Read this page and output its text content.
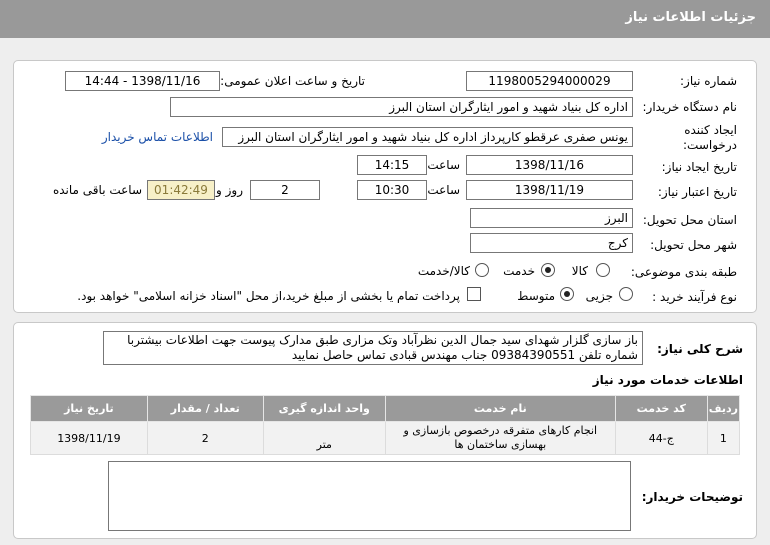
جزئیات اطلاعات نیاز
شماره نیاز:
1198005294000029
تاریخ و ساعت اعلان عمومی:
1398/11/16 - 14:44
نام دستگاه خریدار:
اداره کل بنیاد شهید و امور ایثارگران استان البرز
ایجاد کننده درخواست:
یونس صفری عرقطو کارپرداز اداره کل بنیاد شهید و امور ایثارگران استان البرز
اطلاعات تماس خریدار
تاریخ ایجاد نیاز:
1398/11/16
ساعت
14:15
تاریخ اعتبار نیاز:
1398/11/19
ساعت
10:30
2
روز و
01:42:49
ساعت باقی مانده
استان محل تحویل:
البرز
شهر محل تحویل:
کرج
طبقه بندی موضوعی:
کالا
خدمت
کالا/خدمت
نوع فرآیند خرید :
جزیی
متوسط
پرداخت تمام یا بخشی از مبلغ خرید،از محل "اسناد خزانه اسلامی" خواهد بود.
شرح کلی نیاز:
باز سازی گلزار شهدای سید جمال الدین نظرآباد وتک مزاری طبق مدارک پیوست جهت اطلاعات بیشتربا شماره تلفن 09384390551 جناب مهندس قبادی تماس حاصل نمایید
اطلاعات خدمات مورد نیاز
ردیف	کد خدمت	نام خدمت	واحد اندازه گیری	تعداد / مقدار	تاریخ نیاز
1	ج-44	انجام کارهای متفرقه درخصوص بازسازی و بهسازی ساختمان ها	متر	2	1398/11/19
توضیحات خریدار:
